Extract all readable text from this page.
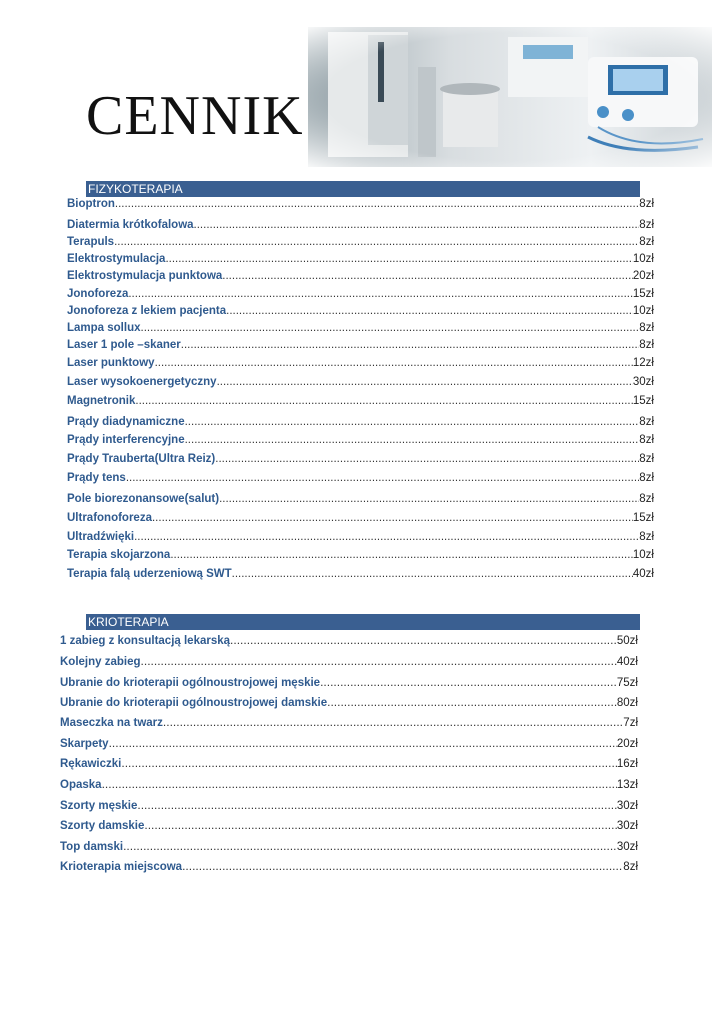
CENNIK
FIZYKOTERAPIA
Bioptron .....	8zł
Diatermia krótkofalowa .....	8zł
Terapuls .....	8zł
Elektrostymulacja .....	10zł
Elektrostymulacja punktowa .....	20zł
Jonoforeza .....	15zł
Jonoforeza z lekiem pacjenta .....	10zł
Lampa sollux .....	8zł
Laser 1 pole –skaner .....	8zł
Laser punktowy .....	12zł
Laser wysokoenergetyczny .....	30zł
Magnetronik .....	15zł
Prądy diadynamiczne .....	8zł
Prądy interferencyjne .....	8zł
Prądy Trauberta(Ultra Reiz) .....	8zł
Prądy tens .....	8zł
Pole biorezonansowe(salut) .....	8zł
Ultrafonoforeza .....	15zł
Ultradźwięki .....	8zł
Terapia skojarzona .....	10zł
Terapia falą uderzeniową SWT .....	40zł
KRIOTERAPIA
1 zabieg z konsultacją lekarską .....	50zł
Kolejny zabieg .....	40zł
Ubranie do krioterapii ogólnoustrojowej męskie .....	75zł
Ubranie do krioterapii ogólnoustrojowej damskie .....	80zł
Maseczka na twarz .....	7zł
Skarpety .....	20zł
Rękawiczki .....	16zł
Opaska .....	13zł
Szorty męskie .....	30zł
Szorty damskie .....	30zł
Top damski .....	30zł
Krioterapia miejscowa .....	8zł
